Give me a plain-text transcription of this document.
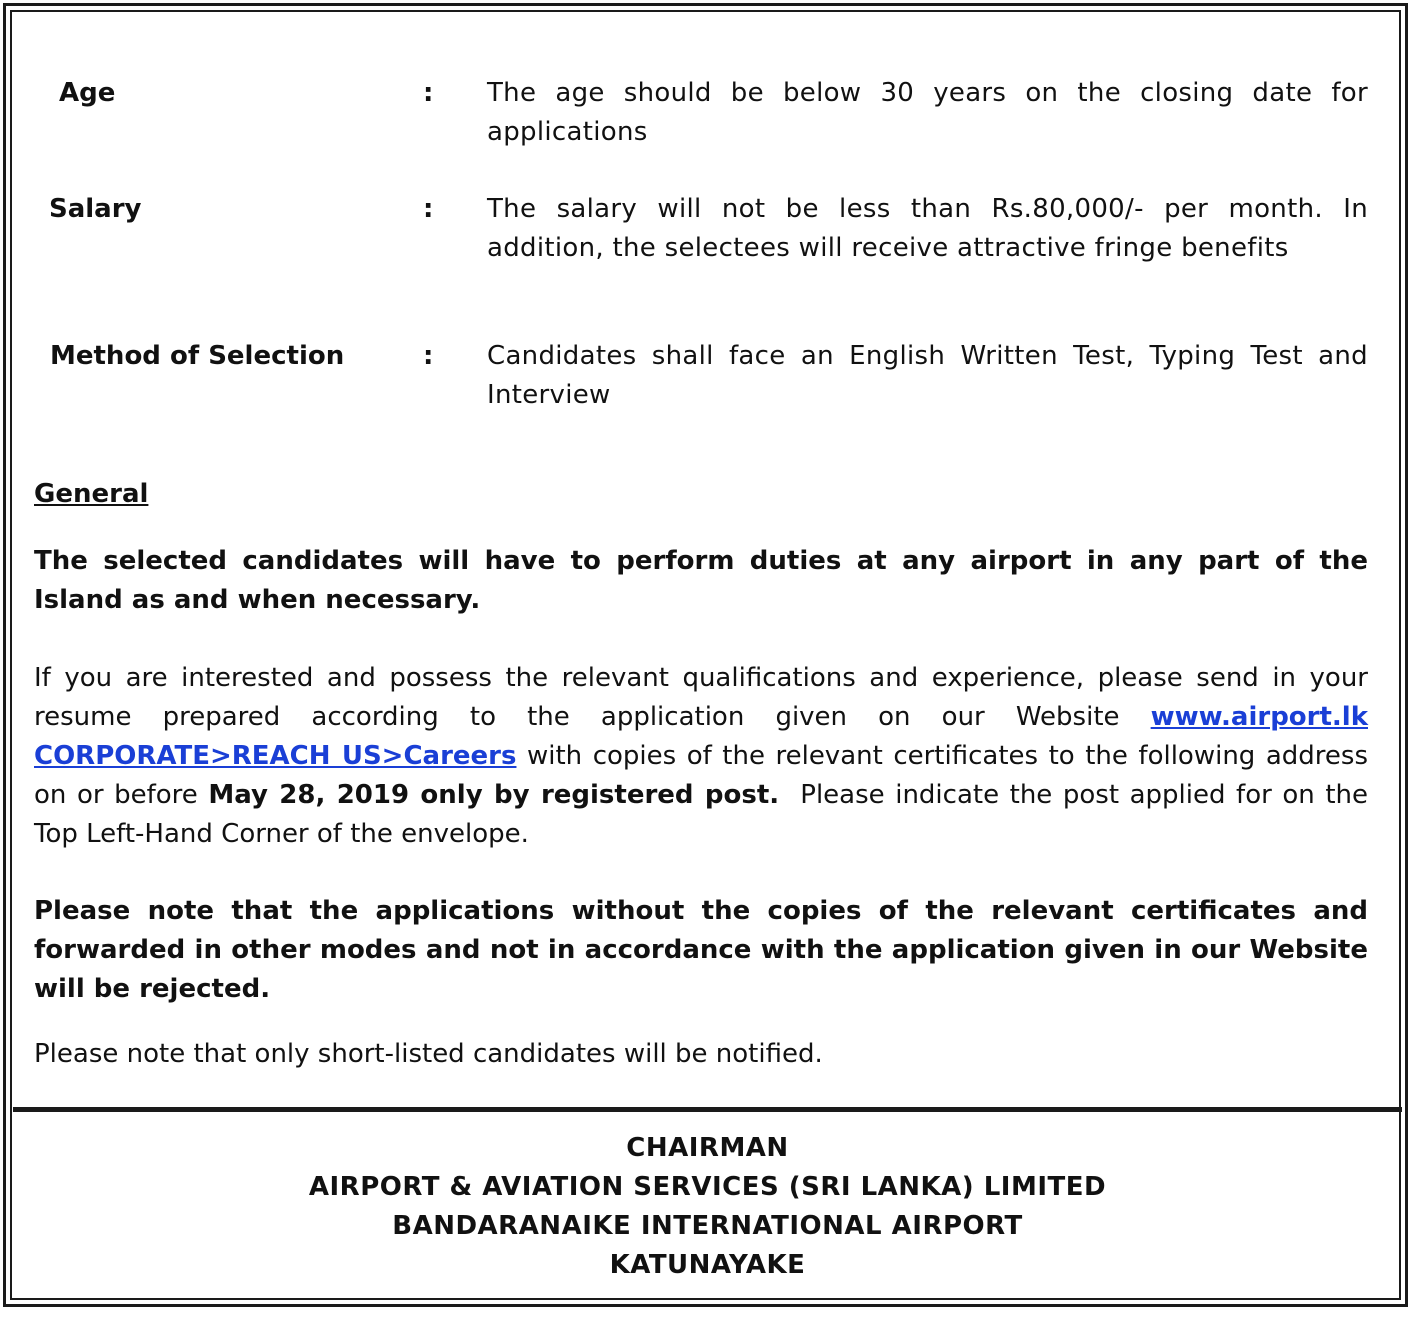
Age	: The age should be below 30 years on the closing date for applications
Salary	: The salary will not be less than Rs.80,000/- per month. In addition, the selectees will receive attractive fringe benefits
Method of Selection	: Candidates shall face an English Written Test, Typing Test and Interview
General
The selected candidates will have to perform duties at any airport in any part of the Island as and when necessary.
If you are interested and possess the relevant qualifications and experience, please send in your resume prepared according to the application given on our Website www.airport.lk CORPORATE>REACH US>Careers with copies of the relevant certificates to the following address on or before May 28, 2019 only by registered post.  Please indicate the post applied for on the Top Left-Hand Corner of the envelope.
Please note that the applications without the copies of the relevant certificates and forwarded in other modes and not in accordance with the application given in our Website will be rejected.
Please note that only short-listed candidates will be notified.
CHAIRMAN
AIRPORT & AVIATION SERVICES (SRI LANKA) LIMITED
BANDARANAIKE INTERNATIONAL AIRPORT
KATUNAYAKE
